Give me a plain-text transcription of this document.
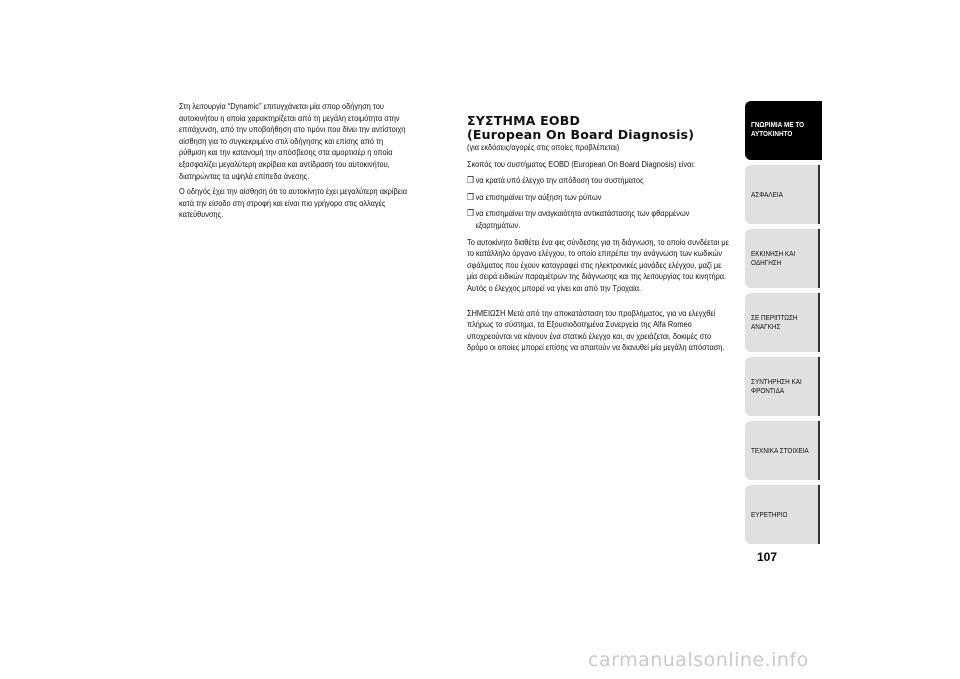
Στη λειτουργία “Dynamic” επιτυγχάνεται μία σπορ οδήγηση του αυτοκινήτου η οποία χαρακτηρίζεται από τη μεγάλη ετοιμότητα στην επιτάχυνση, από την υποβοήθηση στο τιμόνι που δίνει την αντίστοιχη αίσθηση για το συγκεκριμένο στιλ οδήγησης και επίσης από τη ρύθμιση και την κατανομή την απόσβεσης στα αμορτισέρ η οποία εξασφαλίζει μεγαλύτερη ακρίβεια και αντίδραση του αυτοκινήτου, διατηρώντας τα υψηλά επίπεδα άνεσης.

Ο οδηγός έχει την αίσθηση ότι το αυτοκίνητο έχει μεγαλύτερη ακρίβεια κατά την είσοδο στη στροφή και είναι πιο γρήγορο στις αλλαγές κατεύθυνσης.

ΣΥΣΤΗΜΑ EOBD
(European On Board Diagnosis)
(για εκδόσεις/αγορές στις οποίες προβλέπεται)

Σκοπός του συστήματος EOBD (European On Board Diagnosis) είναι:

❒ να κρατά υπό έλεγχο την απόδοση του συστήματος
❒ να επισημαίνει την αύξηση των ρύπων
❒ να επισημαίνει την αναγκαιότητα αντικατάστασης των φθαρμένων εξαρτημάτων.

Το αυτοκίνητο διαθέτει ένα φις σύνδεσης για τη διάγνωση, το οποίο συνδέεται με το κατάλληλο όργανο ελέγχου, το οποίο επιτρέπει την ανάγνωση των κωδικών σφάλματος που έχουν καταγραφεί στις ηλεκτρονικές μονάδες ελέγχου, μαζί με μία σειρά ειδικών παραμέτρων της διάγνωσης και της λειτουργίας του κινητήρα. Αυτός ο έλεγχος μπορεί να γίνει και από την Τροχαία.

ΣΗΜΕΙΩΣΗ Μετά από την αποκατάσταση του προβλήματος, για να ελεγχθεί πλήρως το σύστημα, τα Εξουσιοδοτημένα Συνεργεία της Alfa Romeo υποχρεούνται να κάνουν ένα στατικό έλεγχο και, αν χρειάζεται, δοκιμές στο δρόμο οι οποίες μπορεί επίσης να απαιτούν να διανυθεί μία μεγάλη απόσταση.

ΓΝΩΡΙΜΙΑ ΜΕ ΤΟ
ΑΥΤΟΚΙΝΗΤΟ
ΑΣΦΑΛΕΙΑ
ΕΚΚΙΝΗΣΗ ΚΑΙ
ΟΔΗΓΗΣΗ
ΣΕ ΠΕΡΙΠΤΩΣΗ
ΑΝΑΓΚΗΣ
ΣΥΝΤΗΡΗΣΗ ΚΑΙ
ΦΡΟΝΤΙΔΑ
ΤΕΧΝΙΚΑ ΣΤΟΙΧΕΙΑ
ΕΥΡΕΤΗΡΙΟ
107
carmanualsonline.info
